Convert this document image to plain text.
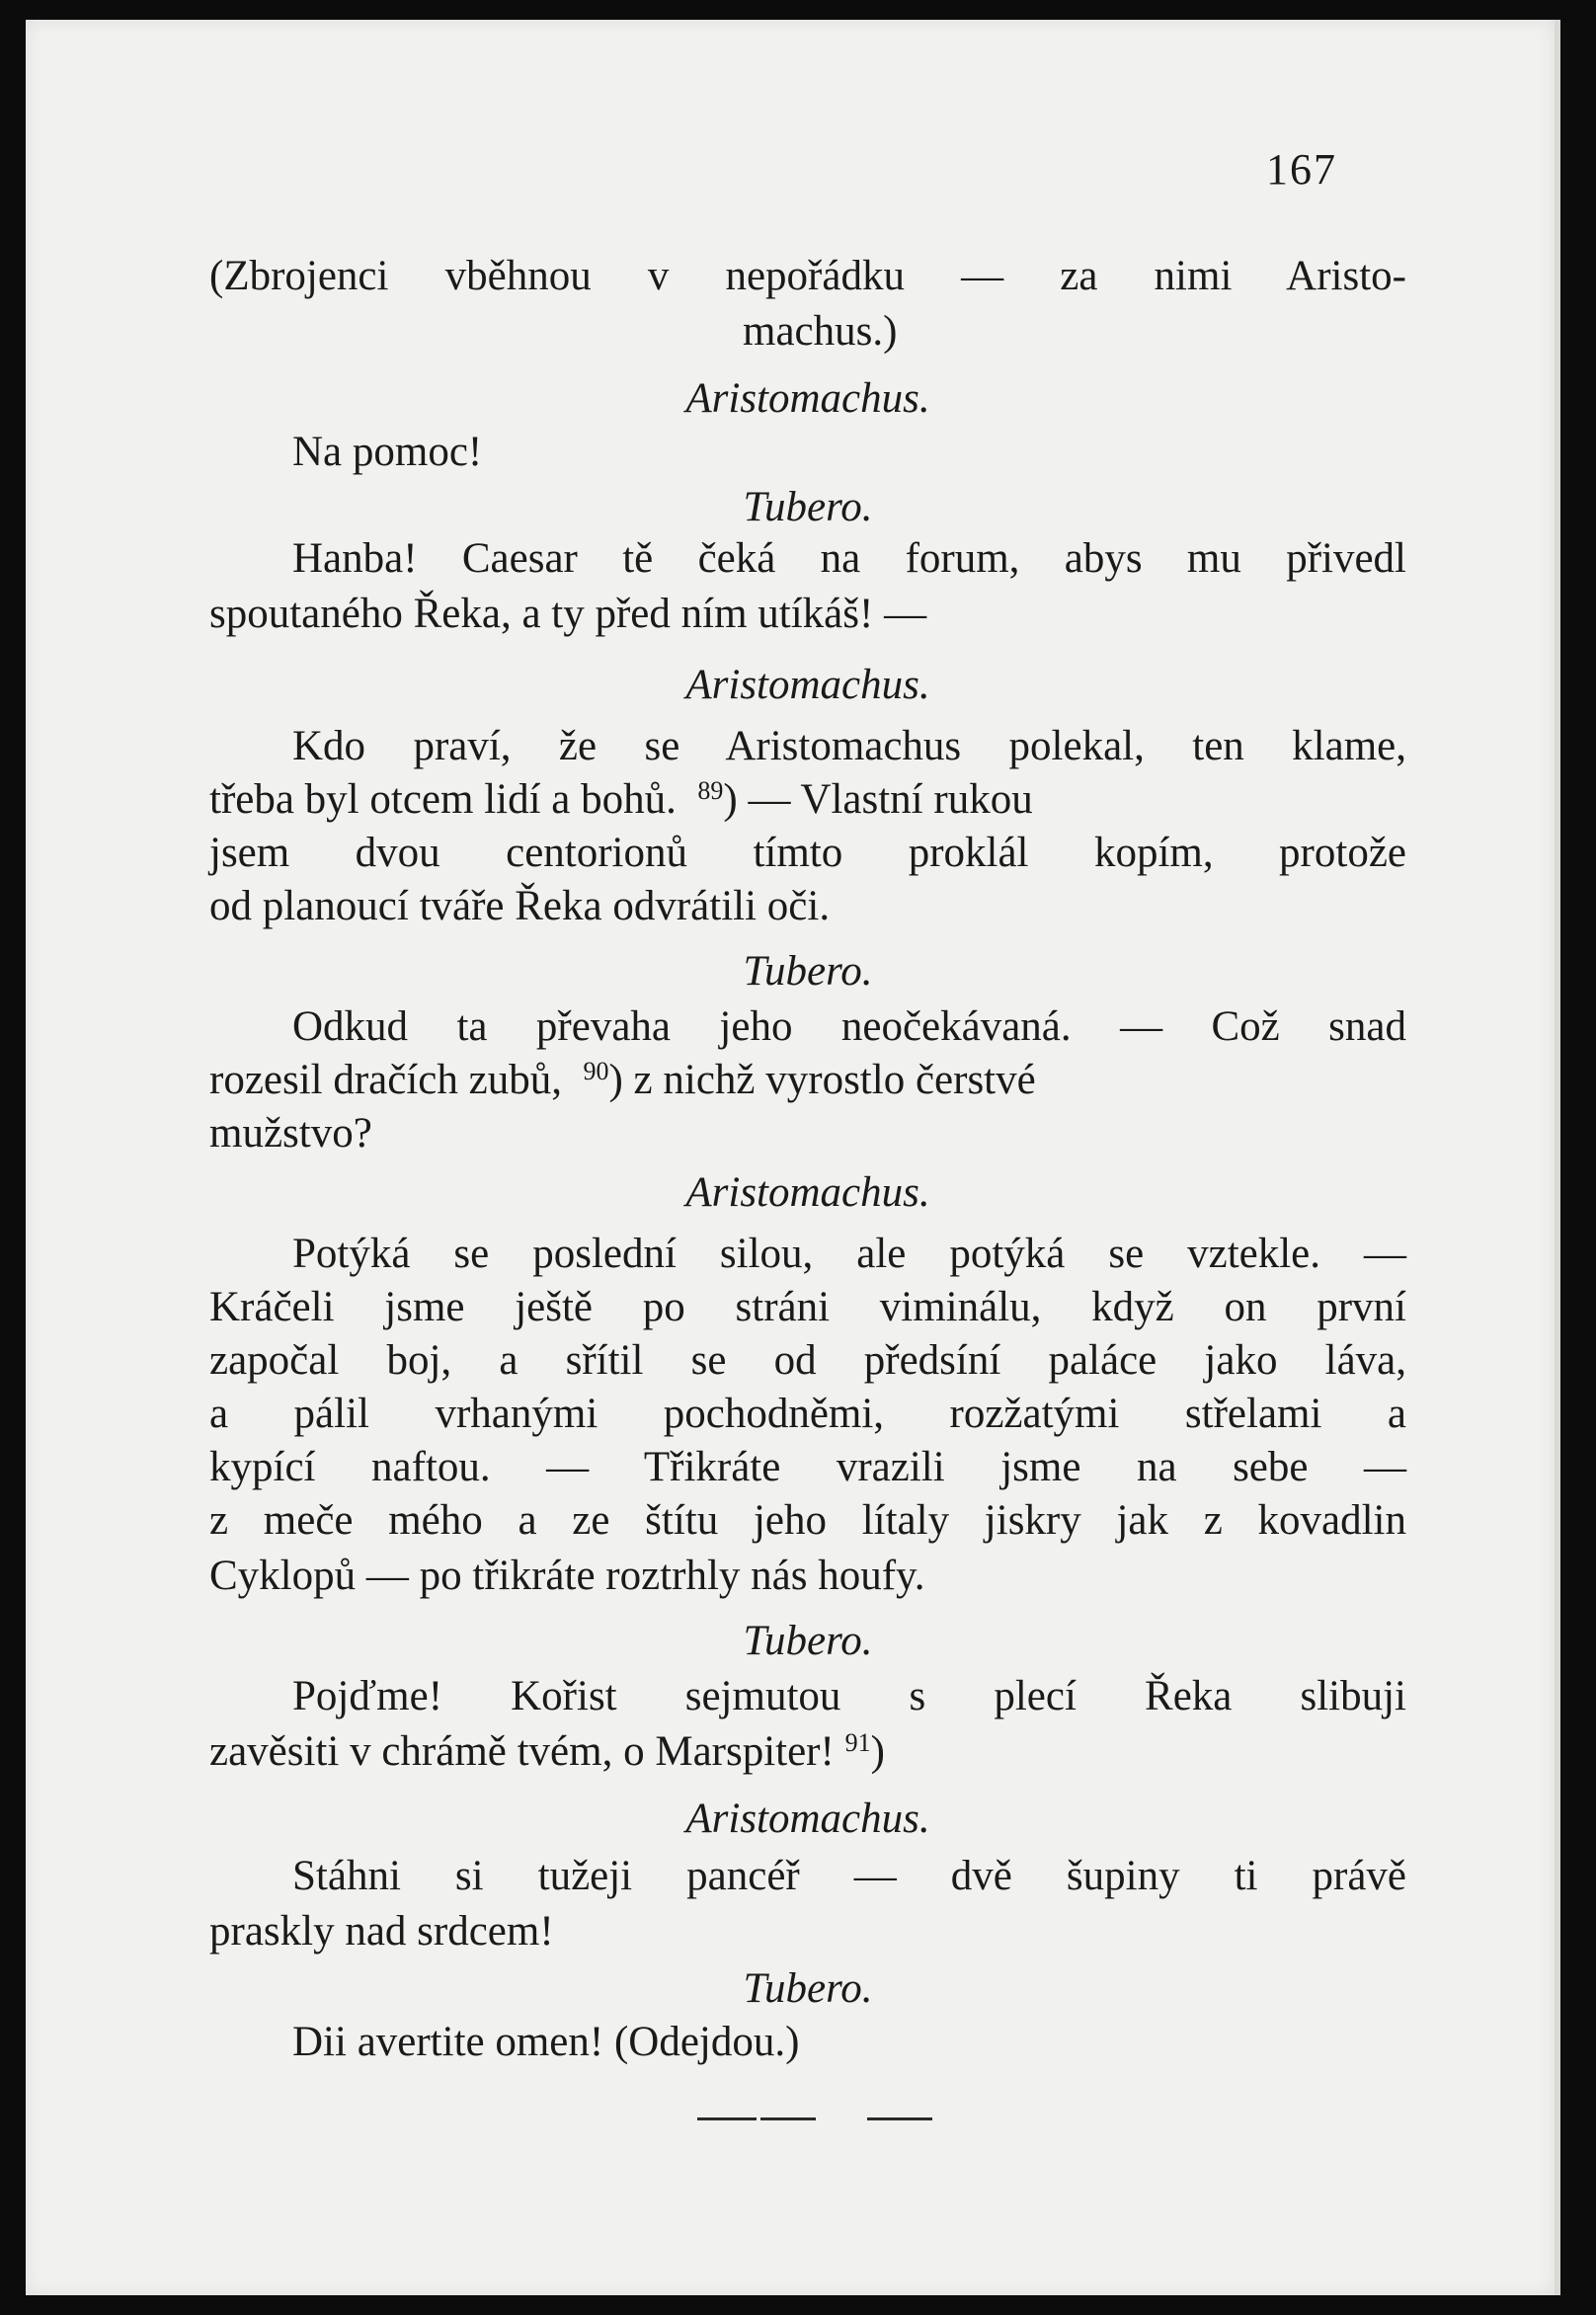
167
(Zbrojenci vběhnou v nepořádku — za nimi Aristo-
machus.)
Aristomachus.
Na pomoc!
Tubero.
Hanba! Caesar tě čeká na forum, abys mu přivedl
spoutaného Řeka, a ty před ním utíkáš! —
Aristomachus.
Kdo praví, že se Aristomachus polekal, ten klame,
třeba byl otcem lidí a bohů. $^{89}$) — Vlastní rukou
jsem dvou centorionů tímto proklál kopím, protože
od planoucí tváře Řeka odvrátili oči.
Tubero.
Odkud ta převaha jeho neočekávaná. — Což snad
rozesil dračích zubů, $^{90}$) z nichž vyrostlo čerstvé
mužstvo?
Aristomachus.
Potýká se poslední silou, ale potýká se vztekle. —
Kráčeli jsme ještě po stráni viminálu, když on první
započal boj, a sřítil se od předsíní paláce jako láva,
a pálil vrhanými pochodněmi, rozžatými střelami a
kypící naftou. — Třikráte vrazili jsme na sebe —
z meče mého a ze štítu jeho lítaly jiskry jak z kovadlin
Cyklopů — po třikráte roztrhly nás houfy.
Tubero.
Pojďme! Kořist sejmutou s plecí Řeka slibuji
zavěsiti v chrámě tvém, o Marspiter! $^{91}$)
Aristomachus.
Stáhni si tužeji pancéř — dvě šupiny ti právě
praskly nad srdcem!
Tubero.
Dii avertite omen! (Odejdou.)
